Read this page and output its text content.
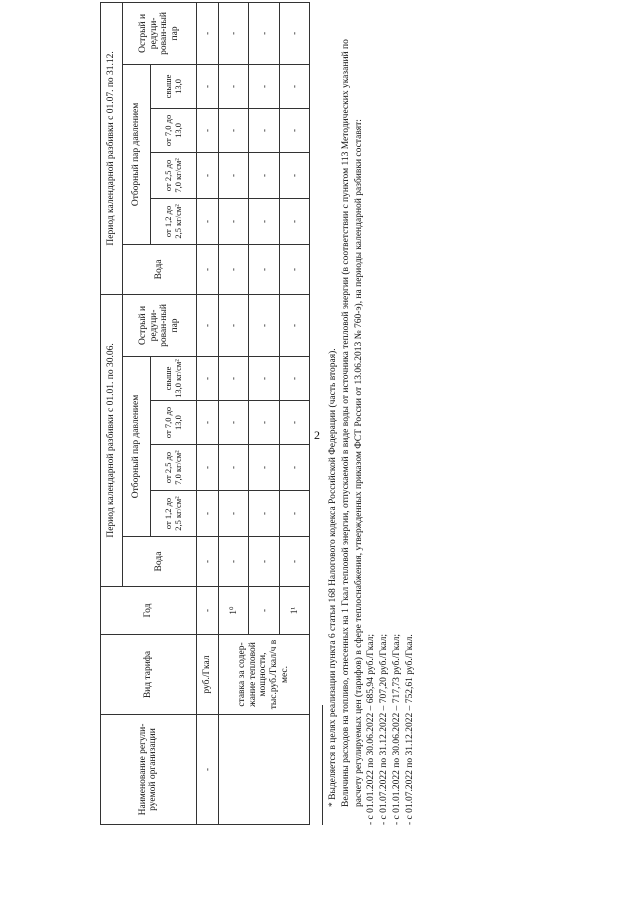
2
Наименование регули-руемой организации	Вид тарифа	Год	Период календарной разбивки с 01.01. по 30.06.						Период календарной разбивки с 01.07. по 31.12.					
			Вода	Отборный пар давлением				Острый и редуци-рован-ный пар	Вода	Отборный пар давлением				Острый и редуци-рован-ный пар
				от 1,2 до 2,5 кг/см²	от 2,5 до 7,0 кг/см²	от 7,0 до 13,0	свыше 13,0 кг/см²			от 1,2 до 2,5 кг/см²	от 2,5 до 7,0 кг/см²	от 7,0 до 13,0	свыше 13,0	
-	руб./Гкал	-	-	-	-	-	-	-	-	-	-	-	-	-
	ставка за содер-жание тепловой мощности, тыс.руб./Гкал/ч в мес.	1⁰	-	-	-	-	-	-	-	-	-	-	-	-
		-	-	-	-	-	-	-	-	-	-	-	-	-
		1¹	-	-	-	-	-	-	-	-	-	-	-	-

* Выделяется в целях реализации пункта 6 статьи 168 Налогового кодекса Российской Федерации (часть вторая). Величины расходов на топливо, отнесенных на 1 Гкал тепловой энергии, отпускаемой в виде воды от источника тепловой энергии (в соответствии с пунктом 113 Методических указаний по расчету регулируемых цен (тарифов) в сфере теплоснабжения, утвержденных приказом ФСТ России от 13.06.2013 № 760-э), на периоды календарной разбивки составят: - с 01.01.2022 по 30.06.2022 – 685,94 руб./Гкал; - с 01.07.2022 по 31.12.2022 – 707,20 руб./Гкал; - с 01.01.2022 по 30.06.2022 – 717,73 руб./Гкал; - с 01.07.2022 по 31.12.2022 – 752,61 руб./Гкал.
